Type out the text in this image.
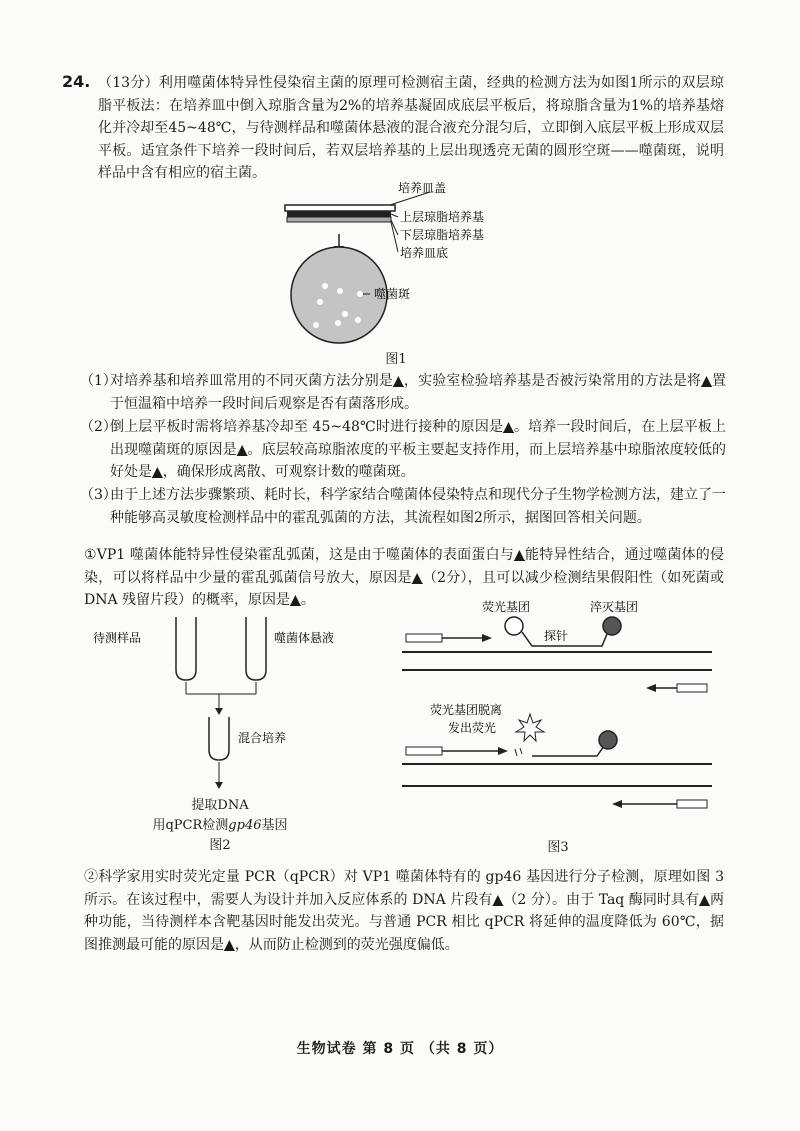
24. （13分）利用噬菌体特异性侵染宿主菌的原理可检测宿主菌，经典的检测方法为如图1所示的双层琼脂平板法：在培养皿中倒入琼脂含量为2%的培养基凝固成底层平板后，将琼脂含量为1%的培养基熔化并冷却至45~48℃，与待测样品和噬菌体悬液的混合液充分混匀后，立即倒入底层平板上形成双层平板。适宜条件下培养一段时间后，若双层培养基的上层出现透亮无菌的圆形空斑——噬菌斑，说明样品中含有相应的宿主菌。
培养皿盖
上层琼脂培养基
下层琼脂培养基
培养皿底
噬菌斑
图1
（1）
对培养基和培养皿常用的不同灭菌方法分别是▲，实验室检验培养基是否被污染常用的方法是将▲置于恒温箱中培养一段时间后观察是否有菌落形成。
（2）
倒上层平板时需将培养基冷却至 45~48℃时进行接种的原因是▲。培养一段时间后，在上层平板上出现噬菌斑的原因是▲。底层较高琼脂浓度的平板主要起支持作用，而上层培养基中琼脂浓度较低的好处是▲，确保形成离散、可观察计数的噬菌斑。
（3）
由于上述方法步骤繁琐、耗时长，科学家结合噬菌体侵染特点和现代分子生物学检测方法，建立了一种能够高灵敏度检测样品中的霍乱弧菌的方法，其流程如图2所示，据图回答相关问题。
①VP1 噬菌体能特异性侵染霍乱弧菌，这是由于噬菌体的表面蛋白与▲能特异性结合，通过噬菌体的侵染，可以将样品中少量的霍乱弧菌信号放大，原因是▲（2分），且可以减少检测结果假阳性（如死菌或 DNA 残留片段）的概率，原因是▲。
待测样品	噬菌体悬液
混合培养
提取DNA
用qPCR检测gp46基因
图2
荧光基团	淬灭基团
探针
荧光基团脱离
发出荧光
图3
②科学家用实时荧光定量 PCR（qPCR）对 VP1 噬菌体特有的 gp46 基因进行分子检测，原理如图 3 所示。在该过程中，需要人为设计并加入反应体系的 DNA 片段有▲（2 分）。由于 Taq 酶同时具有▲两种功能，当待测样本含靶基因时能发出荧光。与普通 PCR 相比 qPCR 将延伸的温度降低为 60℃，据图推测最可能的原因是▲，从而防止检测到的荧光强度偏低。
生物试卷 第 8 页 （共 8 页）
